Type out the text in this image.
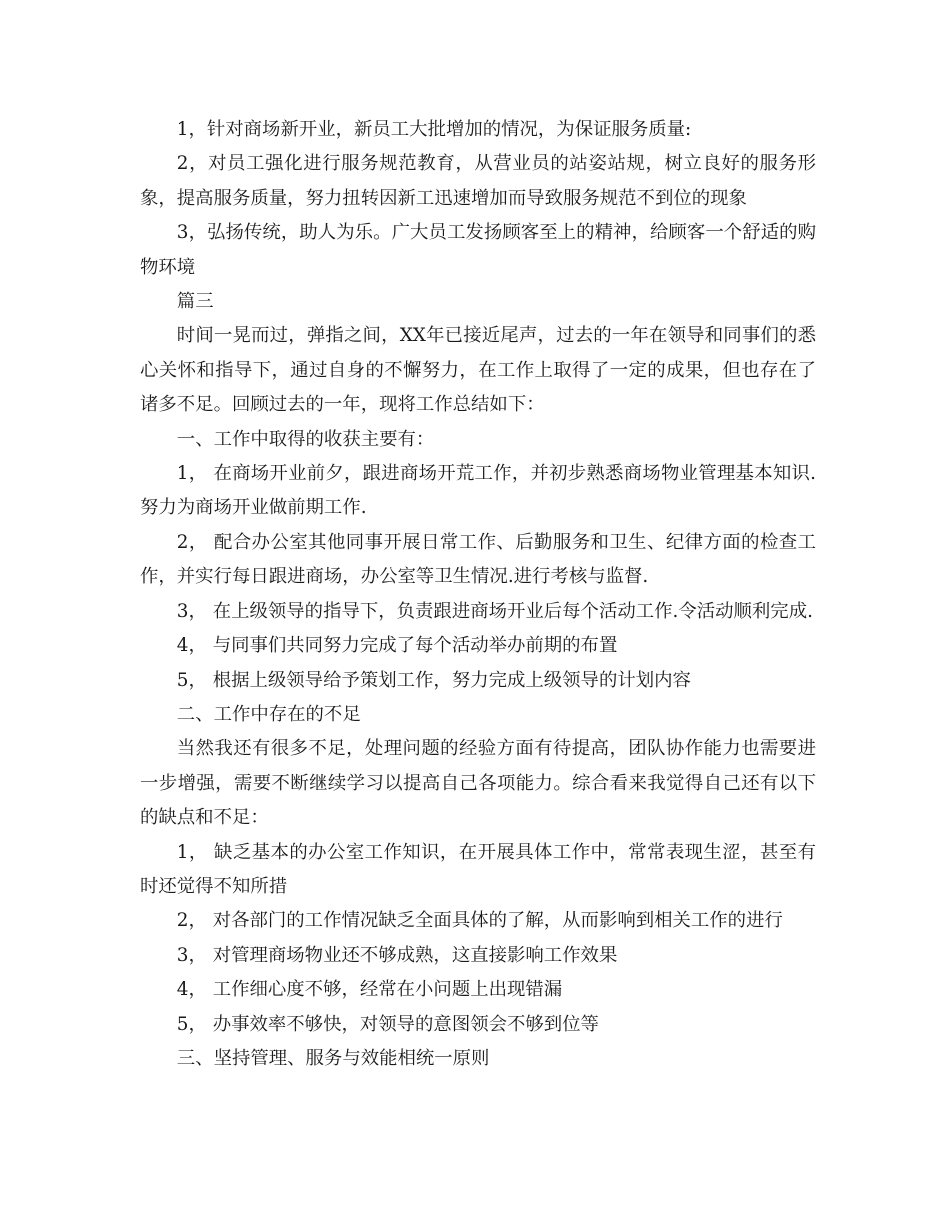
1，针对商场新开业，新员工大批增加的情况，为保证服务质量:

2，对员工强化进行服务规范教育，从营业员的站姿站规，树立良好的服务形象，提高服务质量，努力扭转因新工迅速增加而导致服务规范不到位的现象

3，弘扬传统，助人为乐。广大员工发扬顾客至上的精神，给顾客一个舒适的购物环境

篇三

时间一晃而过，弹指之间，XX年已接近尾声，过去的一年在领导和同事们的悉心关怀和指导下，通过自身的不懈努力，在工作上取得了一定的成果，但也存在了诸多不足。回顾过去的一年，现将工作总结如下：

一、工作中取得的收获主要有：

1， 在商场开业前夕，跟进商场开荒工作，并初步熟悉商场物业管理基本知识.努力为商场开业做前期工作.

2， 配合办公室其他同事开展日常工作、后勤服务和卫生、纪律方面的检查工作，并实行每日跟进商场，办公室等卫生情况.进行考核与监督.

3， 在上级领导的指导下，负责跟进商场开业后每个活动工作.令活动顺利完成.

4， 与同事们共同努力完成了每个活动举办前期的布置

5， 根据上级领导给予策划工作，努力完成上级领导的计划内容

二、工作中存在的不足

当然我还有很多不足，处理问题的经验方面有待提高，团队协作能力也需要进一步增强，需要不断继续学习以提高自己各项能力。综合看来我觉得自己还有以下的缺点和不足：

1， 缺乏基本的办公室工作知识，在开展具体工作中，常常表现生涩，甚至有时还觉得不知所措

2， 对各部门的工作情况缺乏全面具体的了解，从而影响到相关工作的进行

3， 对管理商场物业还不够成熟，这直接影响工作效果

4， 工作细心度不够，经常在小问题上出现错漏

5， 办事效率不够快，对领导的意图领会不够到位等

三、坚持管理、服务与效能相统一原则
